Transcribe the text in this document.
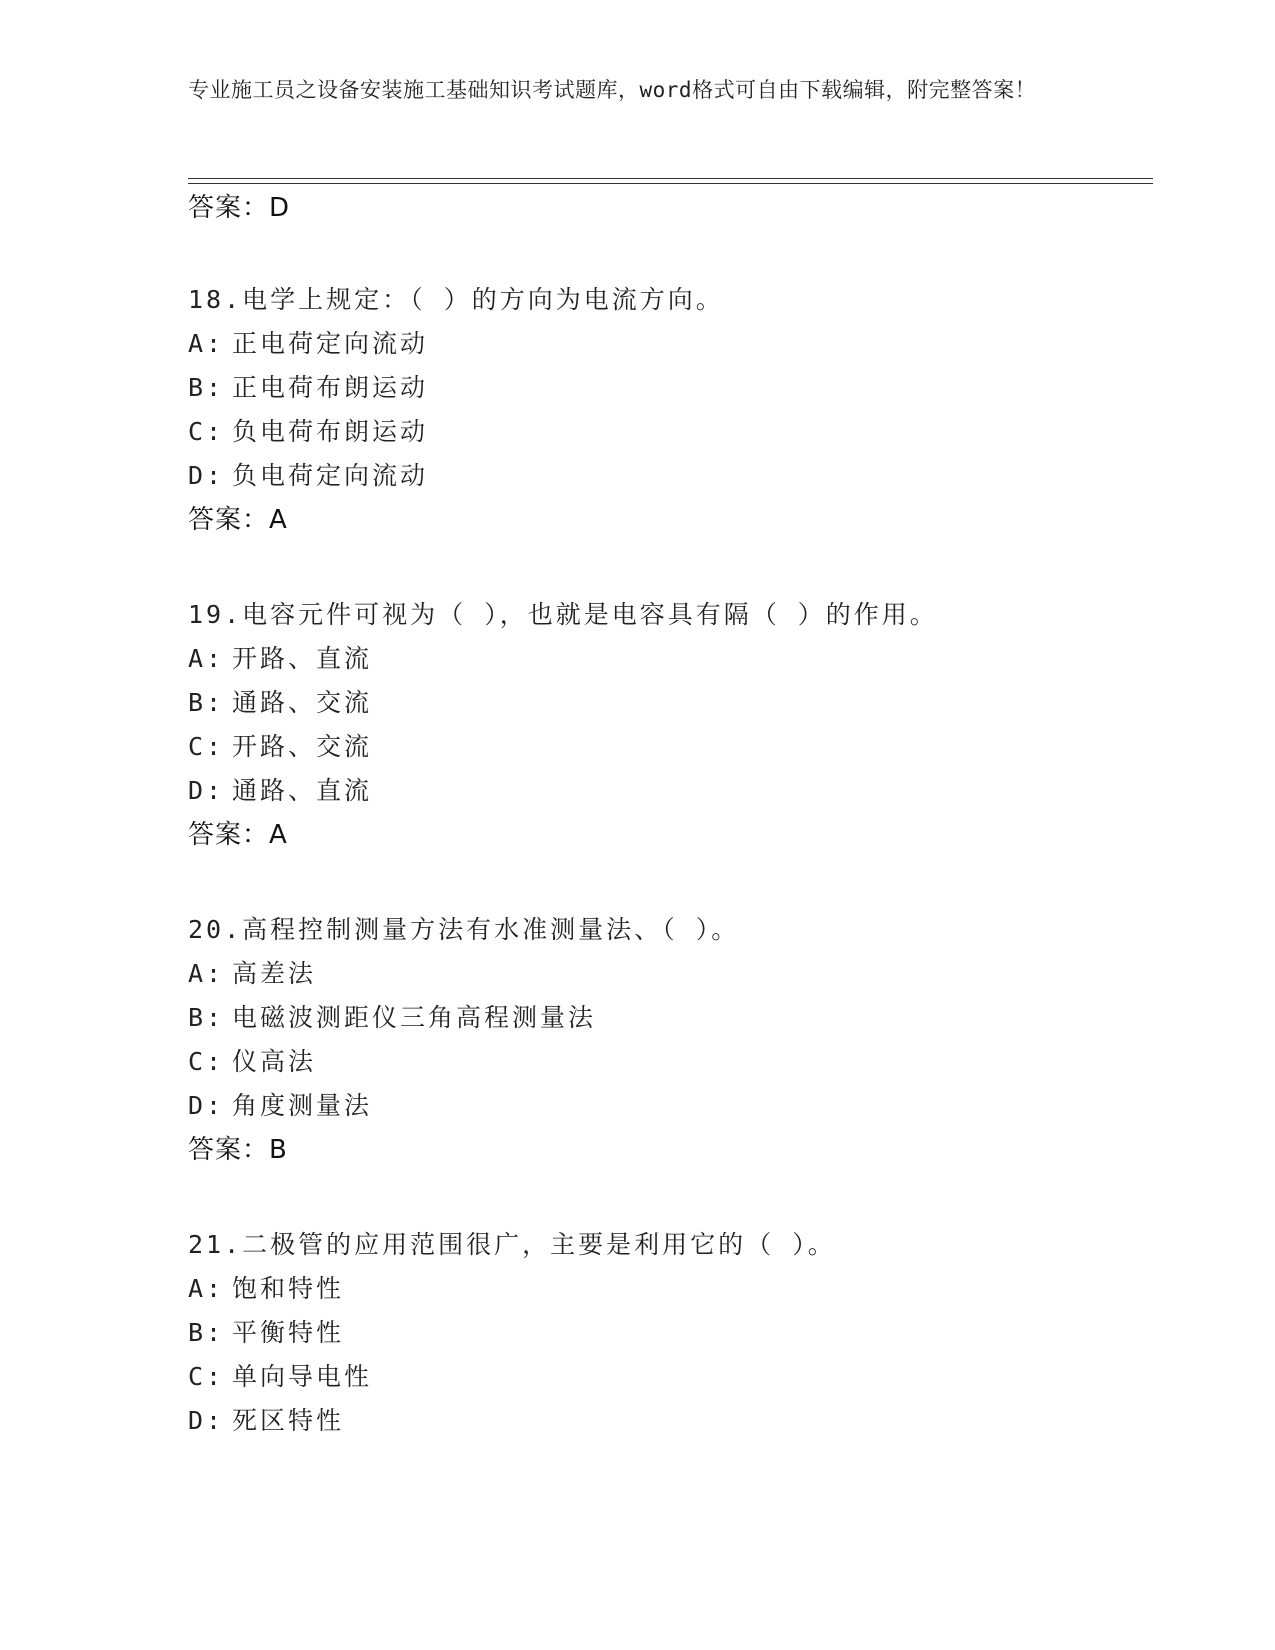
专业施工员之设备安装施工基础知识考试题库，word格式可自由下载编辑，附完整答案！
答案：D
18.电学上规定：（ ）的方向为电流方向。
A: 正电荷定向流动
B: 正电荷布朗运动
C: 负电荷布朗运动
D: 负电荷定向流动
答案：A
19.电容元件可视为（ ），也就是电容具有隔（ ）的作用。
A: 开路、直流
B: 通路、交流
C: 开路、交流
D: 通路、直流
答案：A
20.高程控制测量方法有水准测量法、（ ）。
A: 高差法
B: 电磁波测距仪三角高程测量法
C: 仪高法
D: 角度测量法
答案：B
21.二极管的应用范围很广，主要是利用它的（ ）。
A: 饱和特性
B: 平衡特性
C: 单向导电性
D: 死区特性
